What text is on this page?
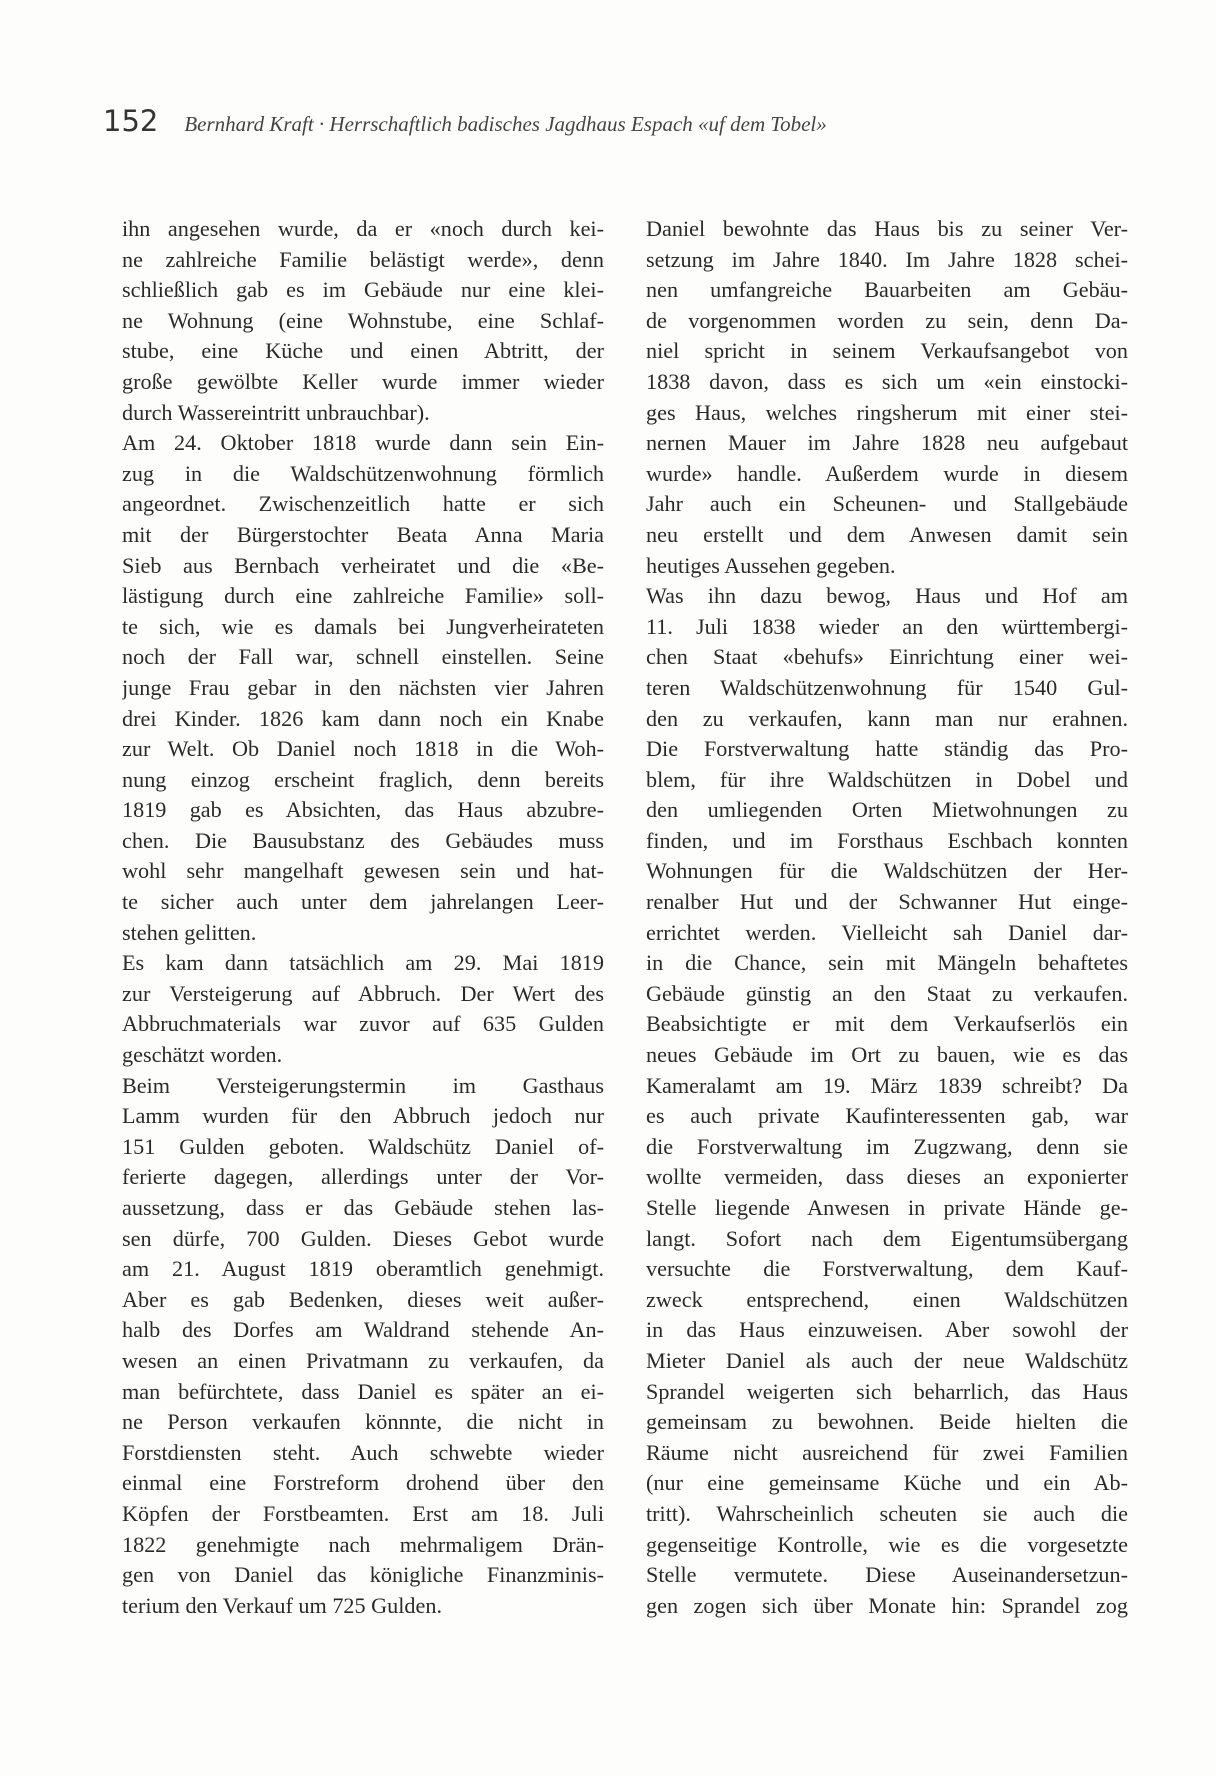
152 Bernhard Kraft · Herrschaftlich badisches Jagdhaus Espach «uf dem Tobel»
ihn angesehen wurde, da er «noch durch kei-
ne zahlreiche Familie belästigt werde», denn
schließlich gab es im Gebäude nur eine klei-
ne Wohnung (eine Wohnstube, eine Schlaf-
stube, eine Küche und einen Abtritt, der
große gewölbte Keller wurde immer wieder
durch Wassereintritt unbrauchbar).
Am 24. Oktober 1818 wurde dann sein Ein-
zug in die Waldschützenwohnung förmlich
angeordnet. Zwischenzeitlich hatte er sich
mit der Bürgerstochter Beata Anna Maria
Sieb aus Bernbach verheiratet und die «Be-
lästigung durch eine zahlreiche Familie» soll-
te sich, wie es damals bei Jungverheirateten
noch der Fall war, schnell einstellen. Seine
junge Frau gebar in den nächsten vier Jahren
drei Kinder. 1826 kam dann noch ein Knabe
zur Welt. Ob Daniel noch 1818 in die Woh-
nung einzog erscheint fraglich, denn bereits
1819 gab es Absichten, das Haus abzubre-
chen. Die Bausubstanz des Gebäudes muss
wohl sehr mangelhaft gewesen sein und hat-
te sicher auch unter dem jahrelangen Leer-
stehen gelitten.
Es kam dann tatsächlich am 29. Mai 1819
zur Versteigerung auf Abbruch. Der Wert des
Abbruchmaterials war zuvor auf 635 Gulden
geschätzt worden.
Beim Versteigerungstermin im Gasthaus
Lamm wurden für den Abbruch jedoch nur
151 Gulden geboten. Waldschütz Daniel of-
ferierte dagegen, allerdings unter der Vor-
aussetzung, dass er das Gebäude stehen las-
sen dürfe, 700 Gulden. Dieses Gebot wurde
am 21. August 1819 oberamtlich genehmigt.
Aber es gab Bedenken, dieses weit außer-
halb des Dorfes am Waldrand stehende An-
wesen an einen Privatmann zu verkaufen, da
man befürchtete, dass Daniel es später an ei-
ne Person verkaufen könnnte, die nicht in
Forstdiensten steht. Auch schwebte wieder
einmal eine Forstreform drohend über den
Köpfen der Forstbeamten. Erst am 18. Juli
1822 genehmigte nach mehrmaligem Drän-
gen von Daniel das königliche Finanzminis-
terium den Verkauf um 725 Gulden.
Daniel bewohnte das Haus bis zu seiner Ver-
setzung im Jahre 1840. Im Jahre 1828 schei-
nen umfangreiche Bauarbeiten am Gebäu-
de vorgenommen worden zu sein, denn Da-
niel spricht in seinem Verkaufsangebot von
1838 davon, dass es sich um «ein einstocki-
ges Haus, welches ringsherum mit einer stei-
nernen Mauer im Jahre 1828 neu aufgebaut
wurde» handle. Außerdem wurde in diesem
Jahr auch ein Scheunen- und Stallgebäude
neu erstellt und dem Anwesen damit sein
heutiges Aussehen gegeben.
Was ihn dazu bewog, Haus und Hof am
11. Juli 1838 wieder an den württembergi-
chen Staat «behufs» Einrichtung einer wei-
teren Waldschützenwohnung für 1540 Gul-
den zu verkaufen, kann man nur erahnen.
Die Forstverwaltung hatte ständig das Pro-
blem, für ihre Waldschützen in Dobel und
den umliegenden Orten Mietwohnungen zu
finden, und im Forsthaus Eschbach konnten
Wohnungen für die Waldschützen der Her-
renalber Hut und der Schwanner Hut einge-
errichtet werden. Vielleicht sah Daniel dar-
in die Chance, sein mit Mängeln behaftetes
Gebäude günstig an den Staat zu verkaufen.
Beabsichtigte er mit dem Verkaufserlös ein
neues Gebäude im Ort zu bauen, wie es das
Kameralamt am 19. März 1839 schreibt? Da
es auch private Kaufinteressenten gab, war
die Forstverwaltung im Zugzwang, denn sie
wollte vermeiden, dass dieses an exponierter
Stelle liegende Anwesen in private Hände ge-
langt. Sofort nach dem Eigentumsübergang
versuchte die Forstverwaltung, dem Kauf-
zweck entsprechend, einen Waldschützen
in das Haus einzuweisen. Aber sowohl der
Mieter Daniel als auch der neue Waldschütz
Sprandel weigerten sich beharrlich, das Haus
gemeinsam zu bewohnen. Beide hielten die
Räume nicht ausreichend für zwei Familien
(nur eine gemeinsame Küche und ein Ab-
tritt). Wahrscheinlich scheuten sie auch die
gegenseitige Kontrolle, wie es die vorgesetzte
Stelle vermutete. Diese Auseinandersetzun-
gen zogen sich über Monate hin: Sprandel zog
